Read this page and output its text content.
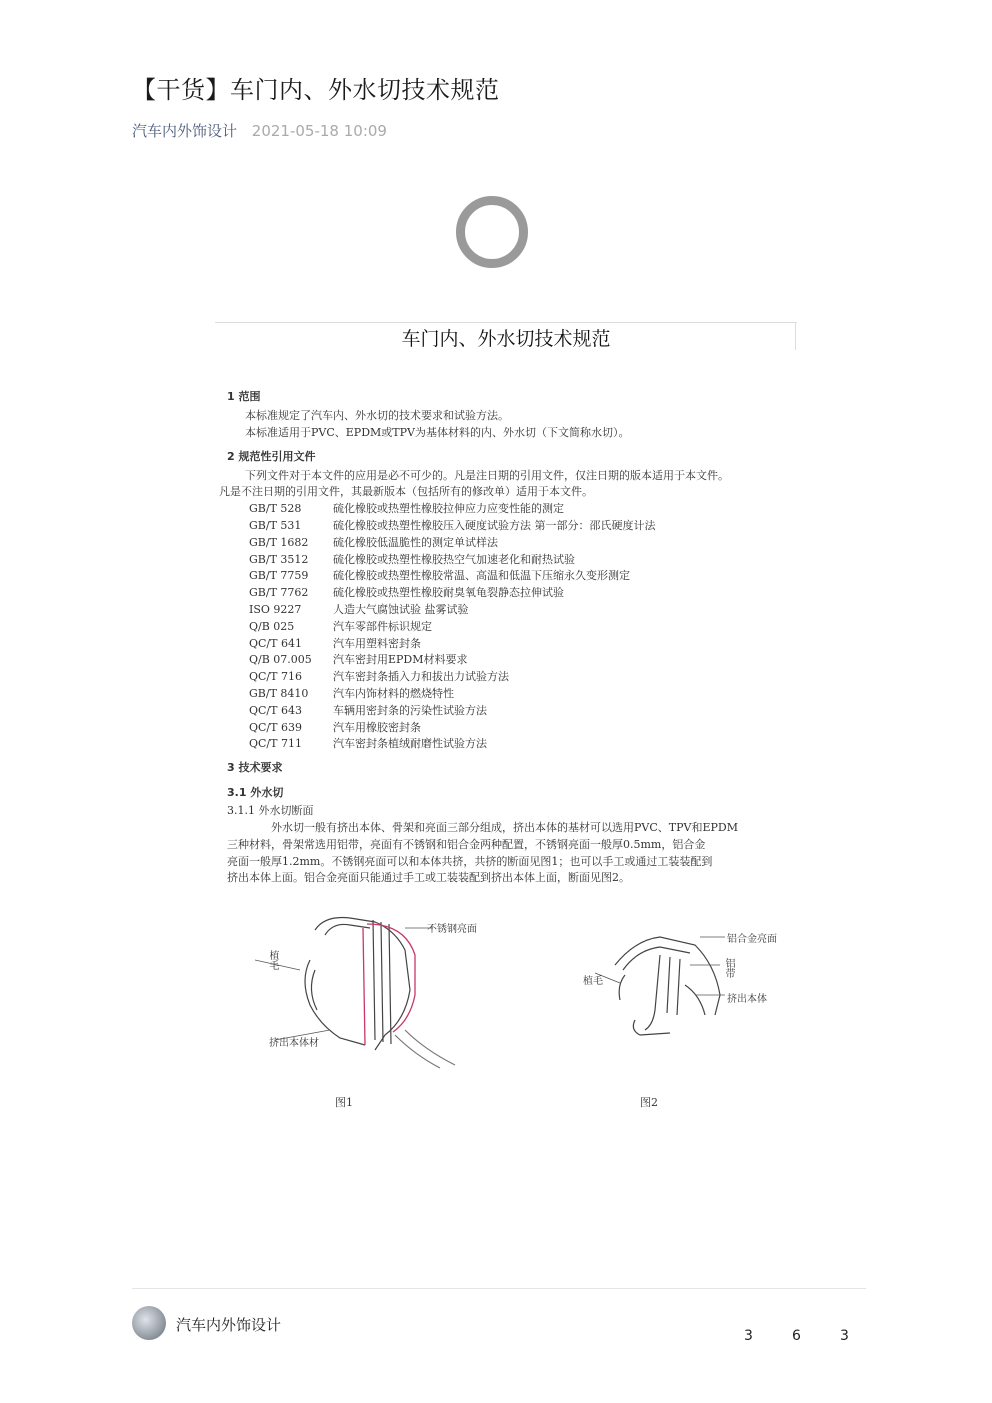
【干货】车门内、外水切技术规范
汽车内外饰设计 2021-05-18 10:09
车门内、外水切技术规范
1 范围
本标准规定了汽车内、外水切的技术要求和试验方法。
本标准适用于PVC、EPDM或TPV为基体材料的内、外水切（下文简称水切）。
2 规范性引用文件
下列文件对于本文件的应用是必不可少的。凡是注日期的引用文件，仅注日期的版本适用于本文件。
凡是不注日期的引用文件，其最新版本（包括所有的修改单）适用于本文件。
GB/T 528	硫化橡胶或热塑性橡胶拉伸应力应变性能的测定
GB/T 531	硫化橡胶或热塑性橡胶压入硬度试验方法 第一部分：邵氏硬度计法
GB/T 1682	硫化橡胶低温脆性的测定单试样法
GB/T 3512	硫化橡胶或热塑性橡胶热空气加速老化和耐热试验
GB/T 7759	硫化橡胶或热塑性橡胶常温、高温和低温下压缩永久变形测定
GB/T 7762	硫化橡胶或热塑性橡胶耐臭氧龟裂静态拉伸试验
ISO 9227	人造大气腐蚀试验 盐雾试验
Q/B 025	汽车零部件标识规定
QC/T 641	汽车用塑料密封条
Q/B 07.005	汽车密封用EPDM材料要求
QC/T 716	汽车密封条插入力和拔出力试验方法
GB/T 8410	汽车内饰材料的燃烧特性
QC/T 643	车辆用密封条的污染性试验方法
QC/T 639	汽车用橡胶密封条
QC/T 711	汽车密封条植绒耐磨性试验方法
3 技术要求
3.1 外水切
3.1.1 外水切断面
外水切一般有挤出本体、骨架和亮面三部分组成，挤出本体的基材可以选用PVC、TPV和EPDM
三种材料，骨架常选用铝带，亮面有不锈钢和铝合金两种配置，不锈钢亮面一般厚0.5mm，铝合金
亮面一般厚1.2mm。不锈钢亮面可以和本体共挤，共挤的断面见图1；也可以手工或通过工装装配到
挤出本体上面。铝合金亮面只能通过手工或工装装配到挤出本体上面，断面见图2。
植毛
不锈钢亮面
挤出本体材
图1
铝合金亮面
铝带
挤出本体
植毛
图2
汽车内外饰设计
3	6	3
